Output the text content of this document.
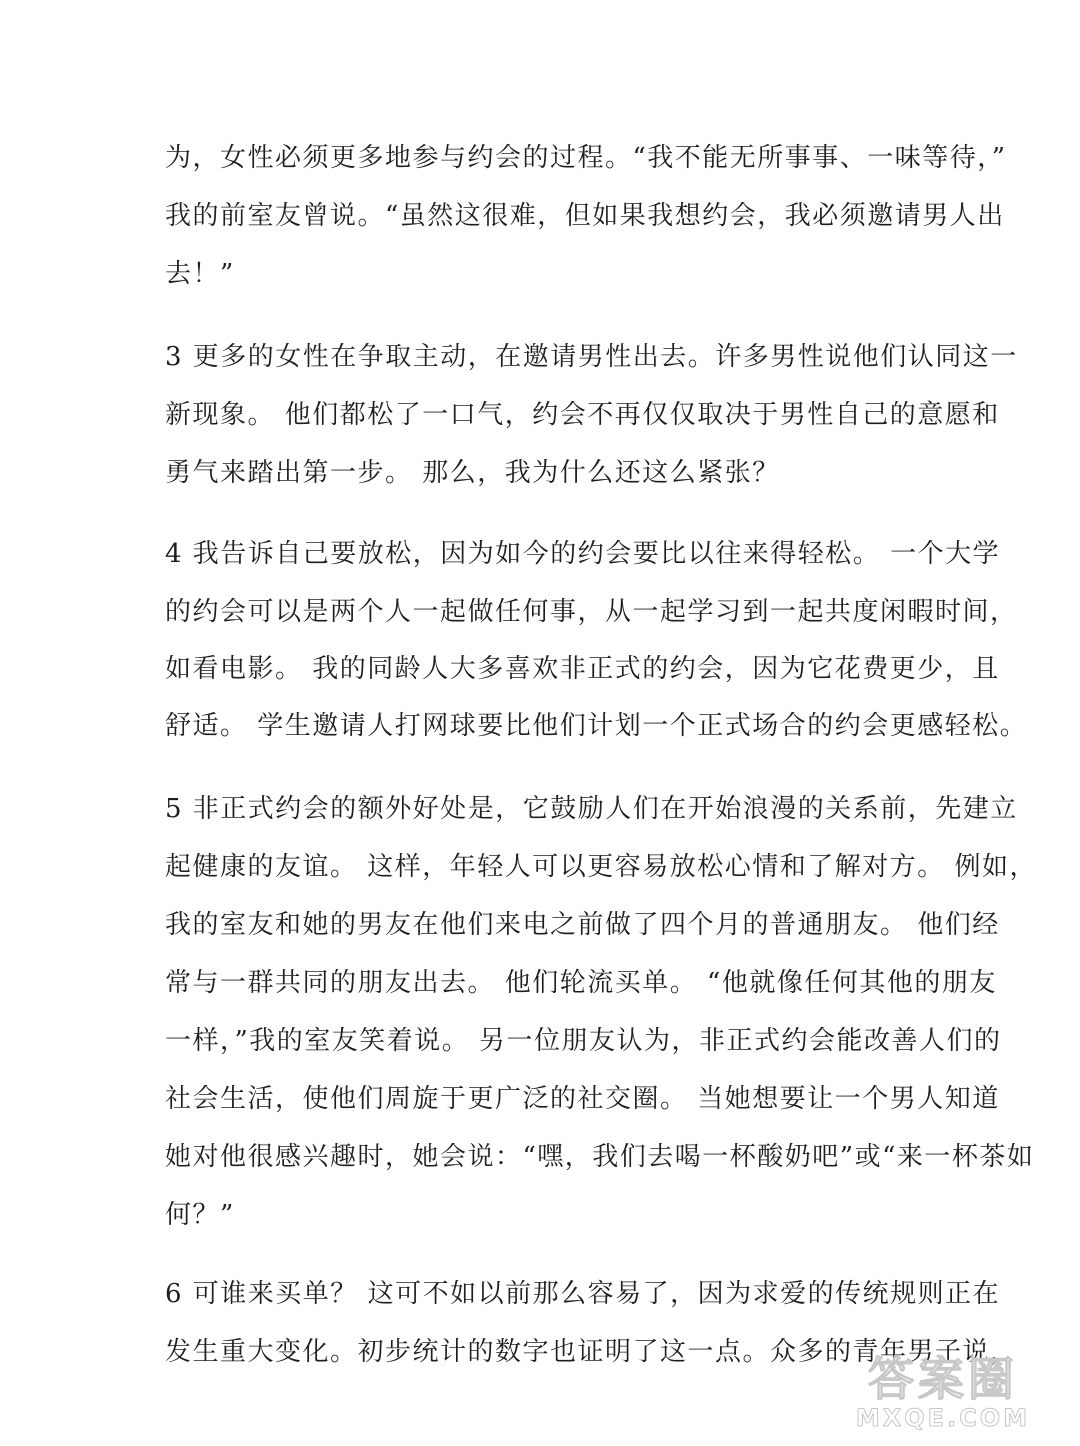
为，女性必须更多地参与约会的过程。“我不能无所事事、一味等待，”
我的前室友曾说。“虽然这很难，但如果我想约会，我必须邀请男人出
去！”
3 更多的女性在争取主动，在邀请男性出去。许多男性说他们认同这一
新现象。 他们都松了一口气，约会不再仅仅取决于男性自己的意愿和
勇气来踏出第一步。 那么，我为什么还这么紧张？
4 我告诉自己要放松，因为如今的约会要比以往来得轻松。 一个大学
的约会可以是两个人一起做任何事，从一起学习到一起共度闲暇时间，
如看电影。 我的同龄人大多喜欢非正式的约会，因为它花费更少，且
舒适。 学生邀请人打网球要比他们计划一个正式场合的约会更感轻松。
5 非正式约会的额外好处是，它鼓励人们在开始浪漫的关系前，先建立
起健康的友谊。 这样，年轻人可以更容易放松心情和了解对方。 例如，
我的室友和她的男友在他们来电之前做了四个月的普通朋友。 他们经
常与一群共同的朋友出去。 他们轮流买单。 “他就像任何其他的朋友
一样，”我的室友笑着说。 另一位朋友认为，非正式约会能改善人们的
社会生活，使他们周旋于更广泛的社交圈。 当她想要让一个男人知道
她对他很感兴趣时，她会说：“嘿，我们去喝一杯酸奶吧”或“来一杯茶如
何？”
6 可谁来买单？ 这可不如以前那么容易了，因为求爱的传统规则正在
发生重大变化。初步统计的数字也证明了这一点。众多的青年男子说，
答案圈
MXQE.COM
